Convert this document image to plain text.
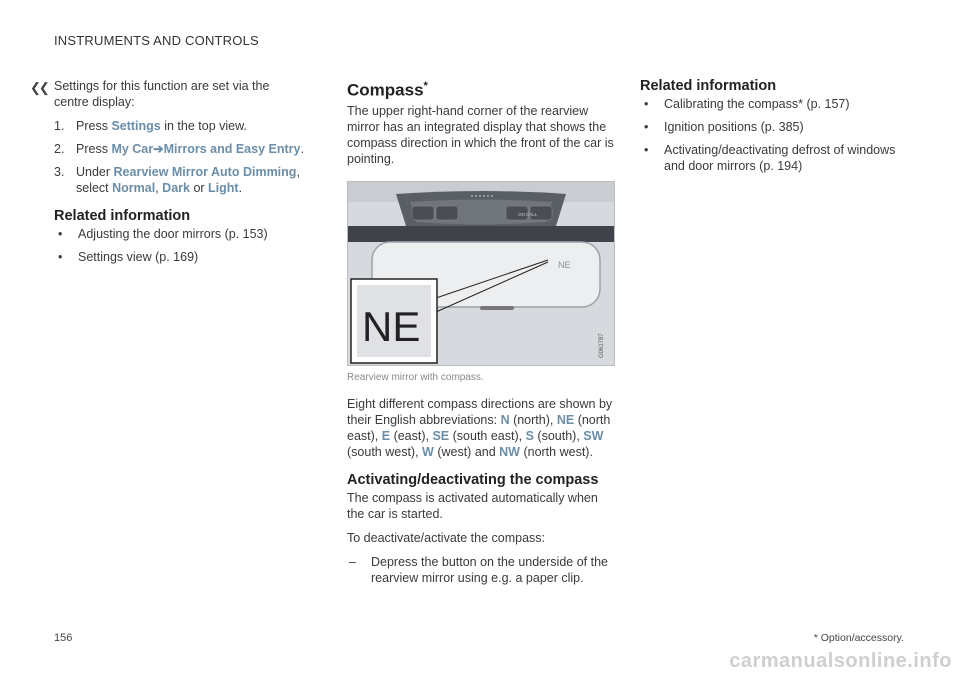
INSTRUMENTS AND CONTROLS
❮❮ Settings for this function are set via the centre display:

1. Press Settings in the top view.
2. Press My Car➔Mirrors and Easy Entry.
3. Under Rearview Mirror Auto Dimming, select Normal, Dark or Light.
Related information
• Adjusting the door mirrors (p. 153)
• Settings view (p. 169)
Compass*

The upper right-hand corner of the rearview mirror has an integrated display that shows the compass direction in which the front of the car is pointing.

NE
NE	G061787
ON CALL
Rearview mirror with compass.

Eight different compass directions are shown by their English abbreviations: N (north), NE (north east), E (east), SE (south east), S (south), SW (south west), W (west) and NW (north west).

Activating/deactivating the compass

The compass is activated automatically when the car is started.

To deactivate/activate the compass:

– Depress the button on the underside of the rearview mirror using e.g. a paper clip.
Related information
• Calibrating the compass* (p. 157)
• Ignition positions (p. 385)
• Activating/deactivating defrost of windows and door mirrors (p. 194)
156	* Option/accessory.
carmanualsonline.info
